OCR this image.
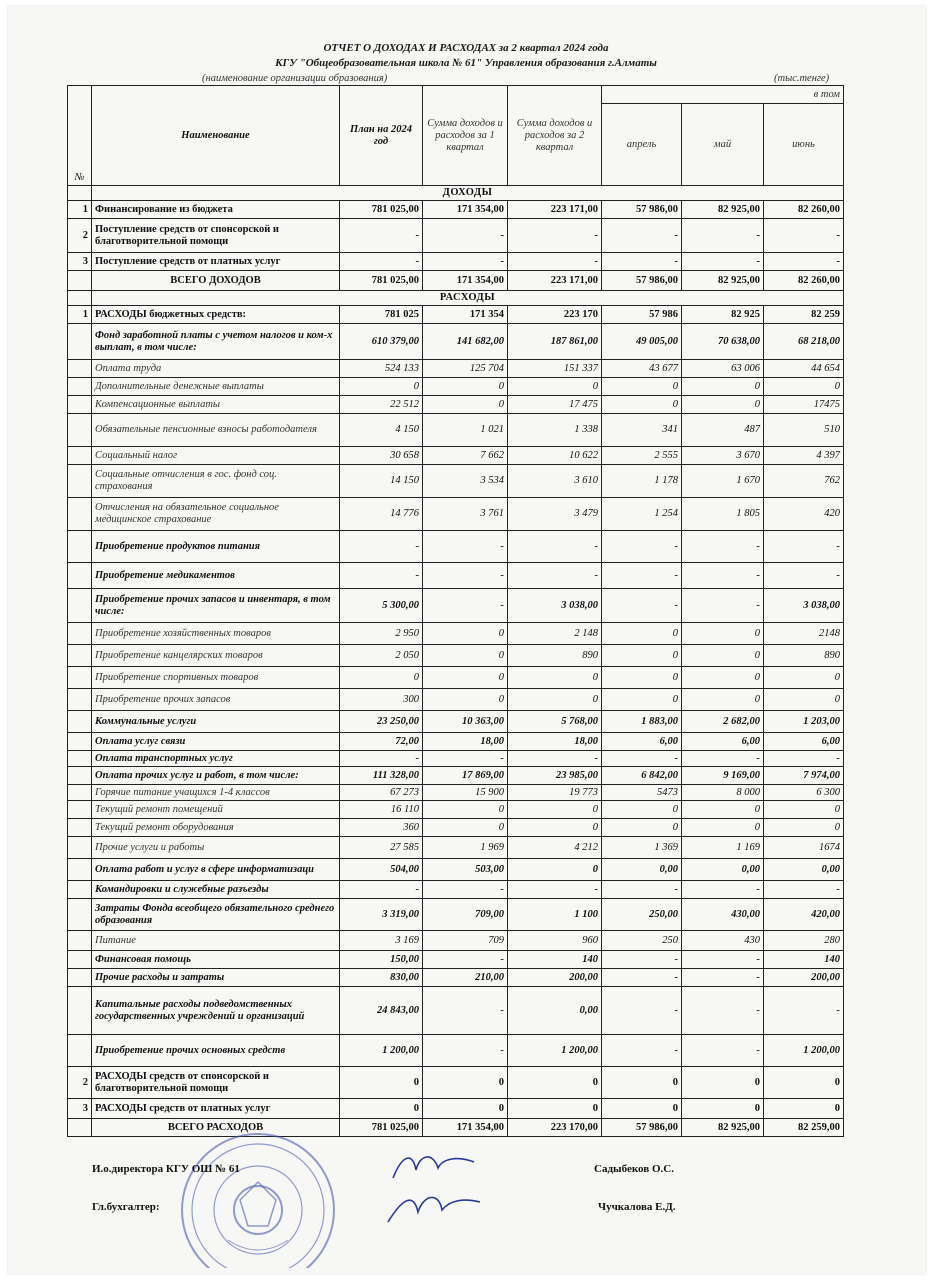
ОТЧЕТ О ДОХОДАХ И РАСХОДАХ за 2 квартал 2024 года
КГУ "Общеобразовательная школа № 61" Управления образования г.Алматы
(наименование организации образования)	(тыс.тенге)
№	Наименование	План на 2024 год	Сумма доходов и расходов за 1 квартал	Сумма доходов и расходов за 2 квартал	в том		
					апрель	май	июнь
	ДОХОДЫ						
1	Финансирование из бюджета	781 025,00	171 354,00	223 171,00	57 986,00	82 925,00	82 260,00
2	Поступление средств от спонсорской и благотворительной помощи	-	-	-	-	-	-
3	Поступление средств от платных услуг	-	-	-	-	-	-
	ВСЕГО ДОХОДОВ	781 025,00	171 354,00	223 171,00	57 986,00	82 925,00	82 260,00
	РАСХОДЫ						
1	РАСХОДЫ бюджетных средств:	781 025	171 354	223 170	57 986	82 925	82 259
	Фонд заработной платы с учетом налогов и ком-х выплат, в том числе:	610 379,00	141 682,00	187 861,00	49 005,00	70 638,00	68 218,00
	Оплата труда	524 133	125 704	151 337	43 677	63 006	44 654
	Дополнительные денежные выплаты	0	0	0	0	0	0
	Компенсационные выплаты	22 512	0	17 475	0	0	17475
	Обязательные пенсионные взносы работодателя	4 150	1 021	1 338	341	487	510
	Социальный налог	30 658	7 662	10 622	2 555	3 670	4 397
	Социальные отчисления в гос. фонд соц. страхования	14 150	3 534	3 610	1 178	1 670	762
	Отчисления на обязательное социальное медицинское страхование	14 776	3 761	3 479	1 254	1 805	420
	Приобретение продуктов питания	-	-	-	-	-	-
	Приобретение медикаментов	-	-	-	-	-	-
	Приобретение прочих запасов и инвентаря, в том числе:	5 300,00	-	3 038,00	-	-	3 038,00
	Приобретение хозяйственных товаров	2 950	0	2 148	0	0	2148
	Приобретение канцелярских товаров	2 050	0	890	0	0	890
	Приобретение спортивных товаров	0	0	0	0	0	0
	Приобретение прочих запасов	300	0	0	0	0	0
	Коммунальные услуги	23 250,00	10 363,00	5 768,00	1 883,00	2 682,00	1 203,00
	Оплата услуг связи	72,00	18,00	18,00	6,00	6,00	6,00
	Оплата транспортных услуг	-	-	-	-	-	-
	Оплата прочих услуг и работ, в том числе:	111 328,00	17 869,00	23 985,00	6 842,00	9 169,00	7 974,00
	Горячие питание учащихся 1-4 классов	67 273	15 900	19 773	5473	8 000	6 300
	Текущий ремонт помещений	16 110	0	0	0	0	0
	Текущий ремонт оборудования	360	0	0	0	0	0
	Прочие услуги и работы	27 585	1 969	4 212	1 369	1 169	1674
	Оплата работ и услуг в сфере информатизаци	504,00	503,00	0	0,00	0,00	0,00
	Командировки и служебные разъезды	-	-	-	-	-	-
	Затраты Фонда всеобщего обязательного среднего образования	3 319,00	709,00	1 100	250,00	430,00	420,00
	Питание	3 169	709	960	250	430	280
	Финансовая помощь	150,00	-	140	-	-	140
	Прочие расходы и затраты	830,00	210,00	200,00	-	-	200,00
	Капитальные расходы подведомственных государственных учреждений и организаций	24 843,00	-	0,00	-	-	-
	Приобретение прочих основных средств	1 200,00	-	1 200,00	-	-	1 200,00
2	РАСХОДЫ средств от спонсорской и благотворительной помощи	0	0	0	0	0	0
3	РАСХОДЫ средств от платных услуг	0	0	0	0	0	0
	ВСЕГО РАСХОДОВ	781 025,00	171 354,00	223 170,00	57 986,00	82 925,00	82 259,00
И.о.директора КГУ ОШ № 61	Садыбеков О.С.
Гл.бухгалтер:	Чучкалова Е.Д.
